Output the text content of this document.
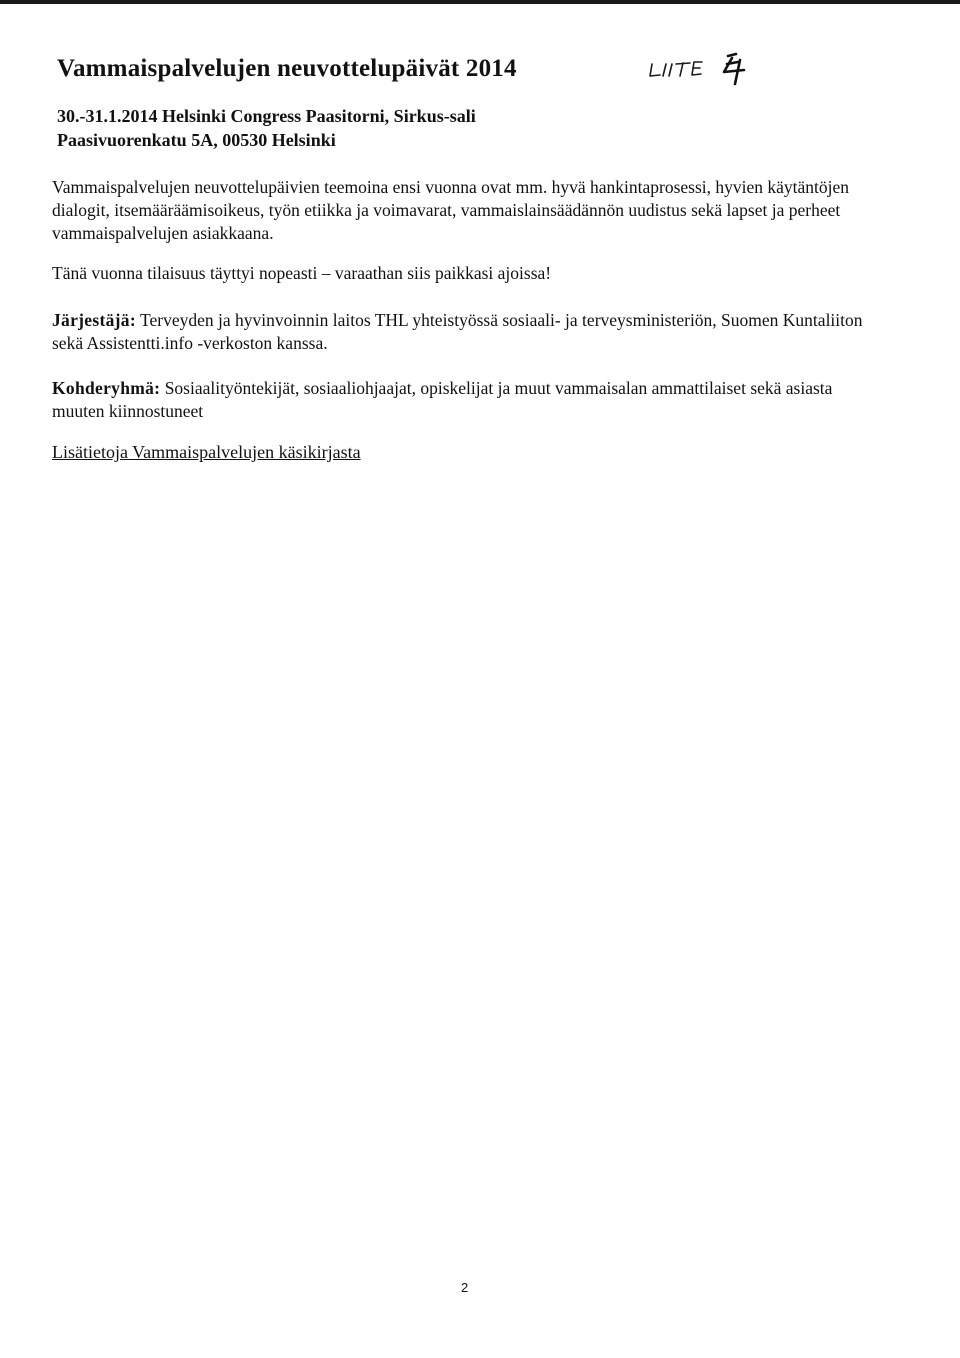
Vammaispalvelujen neuvottelupäivät 2014
30.-31.1.2014 Helsinki Congress Paasitorni, Sirkus-sali
Paasivuorenkatu 5A, 00530 Helsinki

Vammaispalvelujen neuvottelupäivien teemoina ensi vuonna ovat mm. hyvä hankintaprosessi, hyvien käytäntöjen dialogit, itsemääräämisoikeus, työn etiikka ja voimavarat, vammaislainsäädännön uudistus sekä lapset ja perheet vammaispalvelujen asiakkaana.

Tänä vuonna tilaisuus täyttyi nopeasti – varaathan siis paikkasi ajoissa!

Järjestäjä: Terveyden ja hyvinvoinnin laitos THL yhteistyössä sosiaali- ja terveysministeriön, Suomen Kuntaliiton sekä Assistentti.info -verkoston kanssa.

Kohderyhmä: Sosiaalityöntekijät, sosiaaliohjaajat, opiskelijat ja muut vammaisalan ammattilaiset sekä asiasta muuten kiinnostuneet

Lisätietoja Vammaispalvelujen käsikirjasta
2
